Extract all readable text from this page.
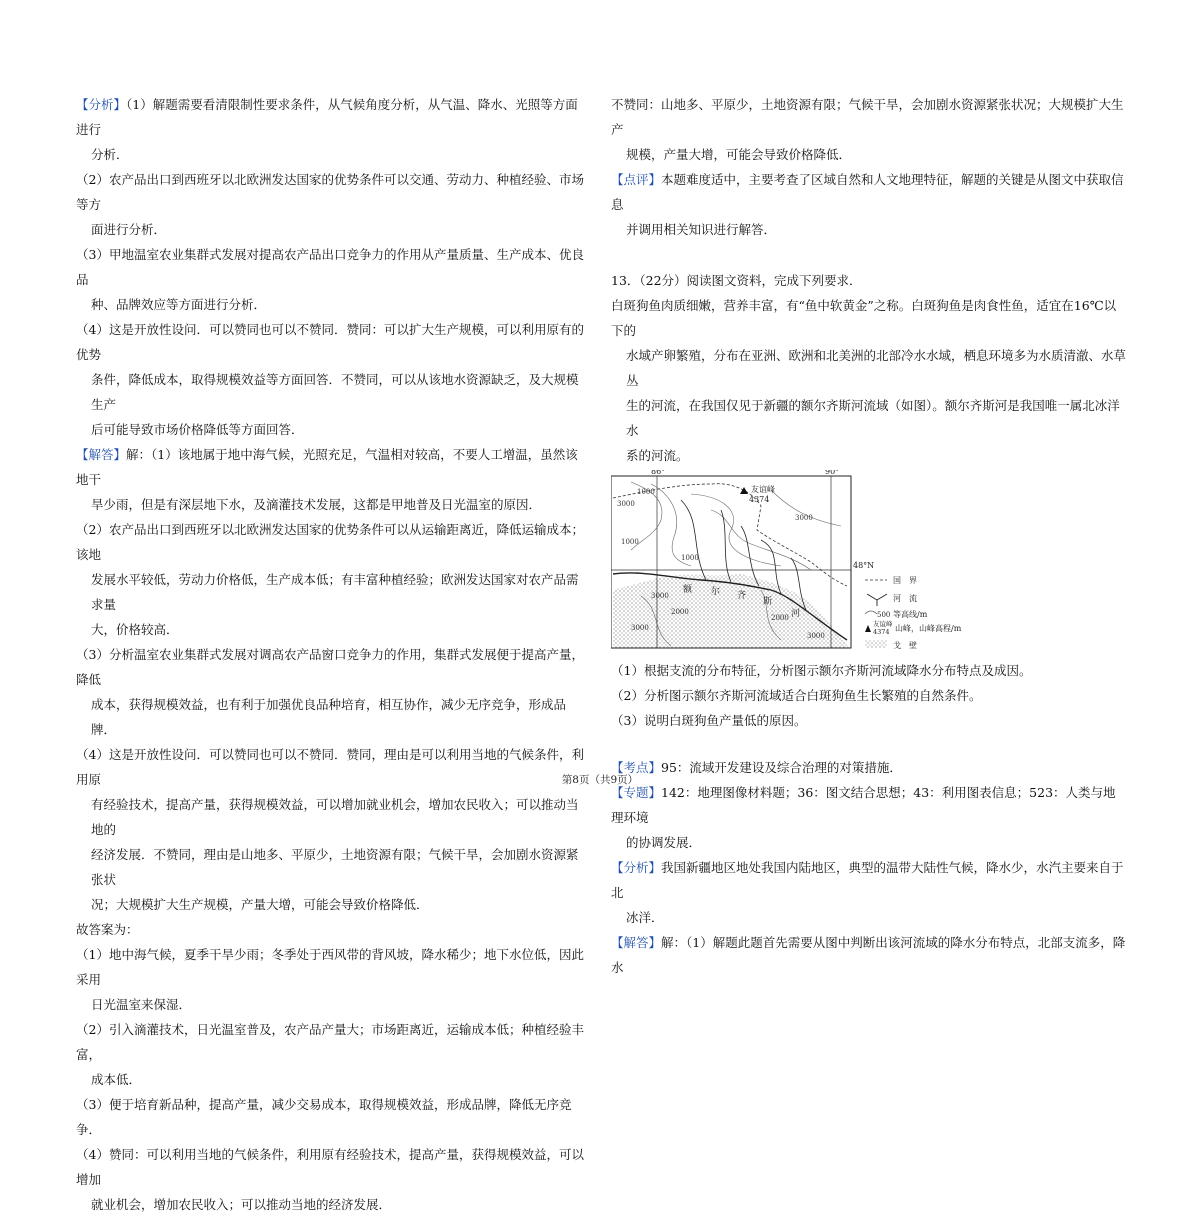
【分析】（1）解题需要看清限制性要求条件，从气候角度分析，从气温、降水、光照等方面进行

分析．

（2）农产品出口到西班牙以北欧洲发达国家的优势条件可以交通、劳动力、种植经验、市场等方

面进行分析．

（3）甲地温室农业集群式发展对提高农产品出口竞争力的作用从产量质量、生产成本、优良品

种、品牌效应等方面进行分析．

（4）这是开放性设问．可以赞同也可以不赞同．赞同：可以扩大生产规模，可以利用原有的优势

条件，降低成本，取得规模效益等方面回答．不赞同，可以从该地水资源缺乏，及大规模生产

后可能导致市场价格降低等方面回答．

【解答】解：（1）该地属于地中海气候，光照充足，气温相对较高，不要人工增温，虽然该地干

旱少雨，但是有深层地下水，及滴灌技术发展，这都是甲地普及日光温室的原因．

（2）农产品出口到西班牙以北欧洲发达国家的优势条件可以从运输距离近，降低运输成本；该地

发展水平较低，劳动力价格低，生产成本低；有丰富种植经验；欧洲发达国家对农产品需求量

大，价格较高．

（3）分析温室农业集群式发展对调高农产品窗口竞争力的作用，集群式发展便于提高产量，降低

成本，获得规模效益，也有利于加强优良品种培育，相互协作，减少无序竞争，形成品牌．

（4）这是开放性设问．可以赞同也可以不赞同．赞同，理由是可以利用当地的气候条件，利用原

有经验技术，提高产量，获得规模效益，可以增加就业机会，增加农民收入；可以推动当地的

经济发展．不赞同，理由是山地多、平原少，土地资源有限；气候干旱，会加剧水资源紧张状

况；大规模扩大生产规模，产量大增，可能会导致价格降低．

故答案为：

（1）地中海气候，夏季干旱少雨；冬季处于西风带的背风坡，降水稀少；地下水位低，因此采用

日光温室来保湿．

（2）引入滴灌技术，日光温室普及，农产品产量大；市场距离近，运输成本低；种植经验丰富，

成本低．

（3）便于培育新品种，提高产量，减少交易成本，取得规模效益，形成品牌，降低无序竞争．

（4）赞同：可以利用当地的气候条件，利用原有经验技术，提高产量，获得规模效益，可以增加

就业机会，增加农民收入；可以推动当地的经济发展．

不赞同：山地多、平原少，土地资源有限；气候干旱，会加剧水资源紧张状况；大规模扩大生产

规模，产量大增，可能会导致价格降低．

【点评】本题难度适中，主要考查了区域自然和人文地理特征，解题的关键是从图文中获取信息

并调用相关知识进行解答．

13．（22分）阅读图文资料，完成下列要求．

白斑狗鱼肉质细嫩，营养丰富，有“鱼中软黄金”之称。白斑狗鱼是肉食性鱼，适宜在16℃以下的

水域产卵繁殖，分布在亚洲、欧洲和北美洲的北部冷水水域，栖息环境多为水质清澈、水草丛

生的河流，在我国仅见于新疆的额尔齐斯河流域（如图）。额尔齐斯河是我国唯一属北冰洋水

系的河流。

友谊峰
4374
86°	90°
48°N
1000
3000
3000
1000
1000
3000
2000
3000
2000
3000
额 尔 齐
斯
河
国　界
河　流
500 等高线/m
友谊峰
4374 山峰，山峰高程/m
戈　壁

（1）根据支流的分布特征，分析图示额尔齐斯河流域降水分布特点及成因。

（2）分析图示额尔齐斯河流域适合白斑狗鱼生长繁殖的自然条件。

（3）说明白斑狗鱼产量低的原因。

【考点】95：流域开发建设及综合治理的对策措施．

【专题】142：地理图像材料题；36：图文结合思想；43：利用图表信息；523：人类与地理环境

的协调发展．

【分析】我国新疆地区地处我国内陆地区，典型的温带大陆性气候，降水少，水汽主要来自于北

冰洋．

【解答】解：（1）解题此题首先需要从图中判断出该河流域的降水分布特点，北部支流多，降水

第8页（共9页）
